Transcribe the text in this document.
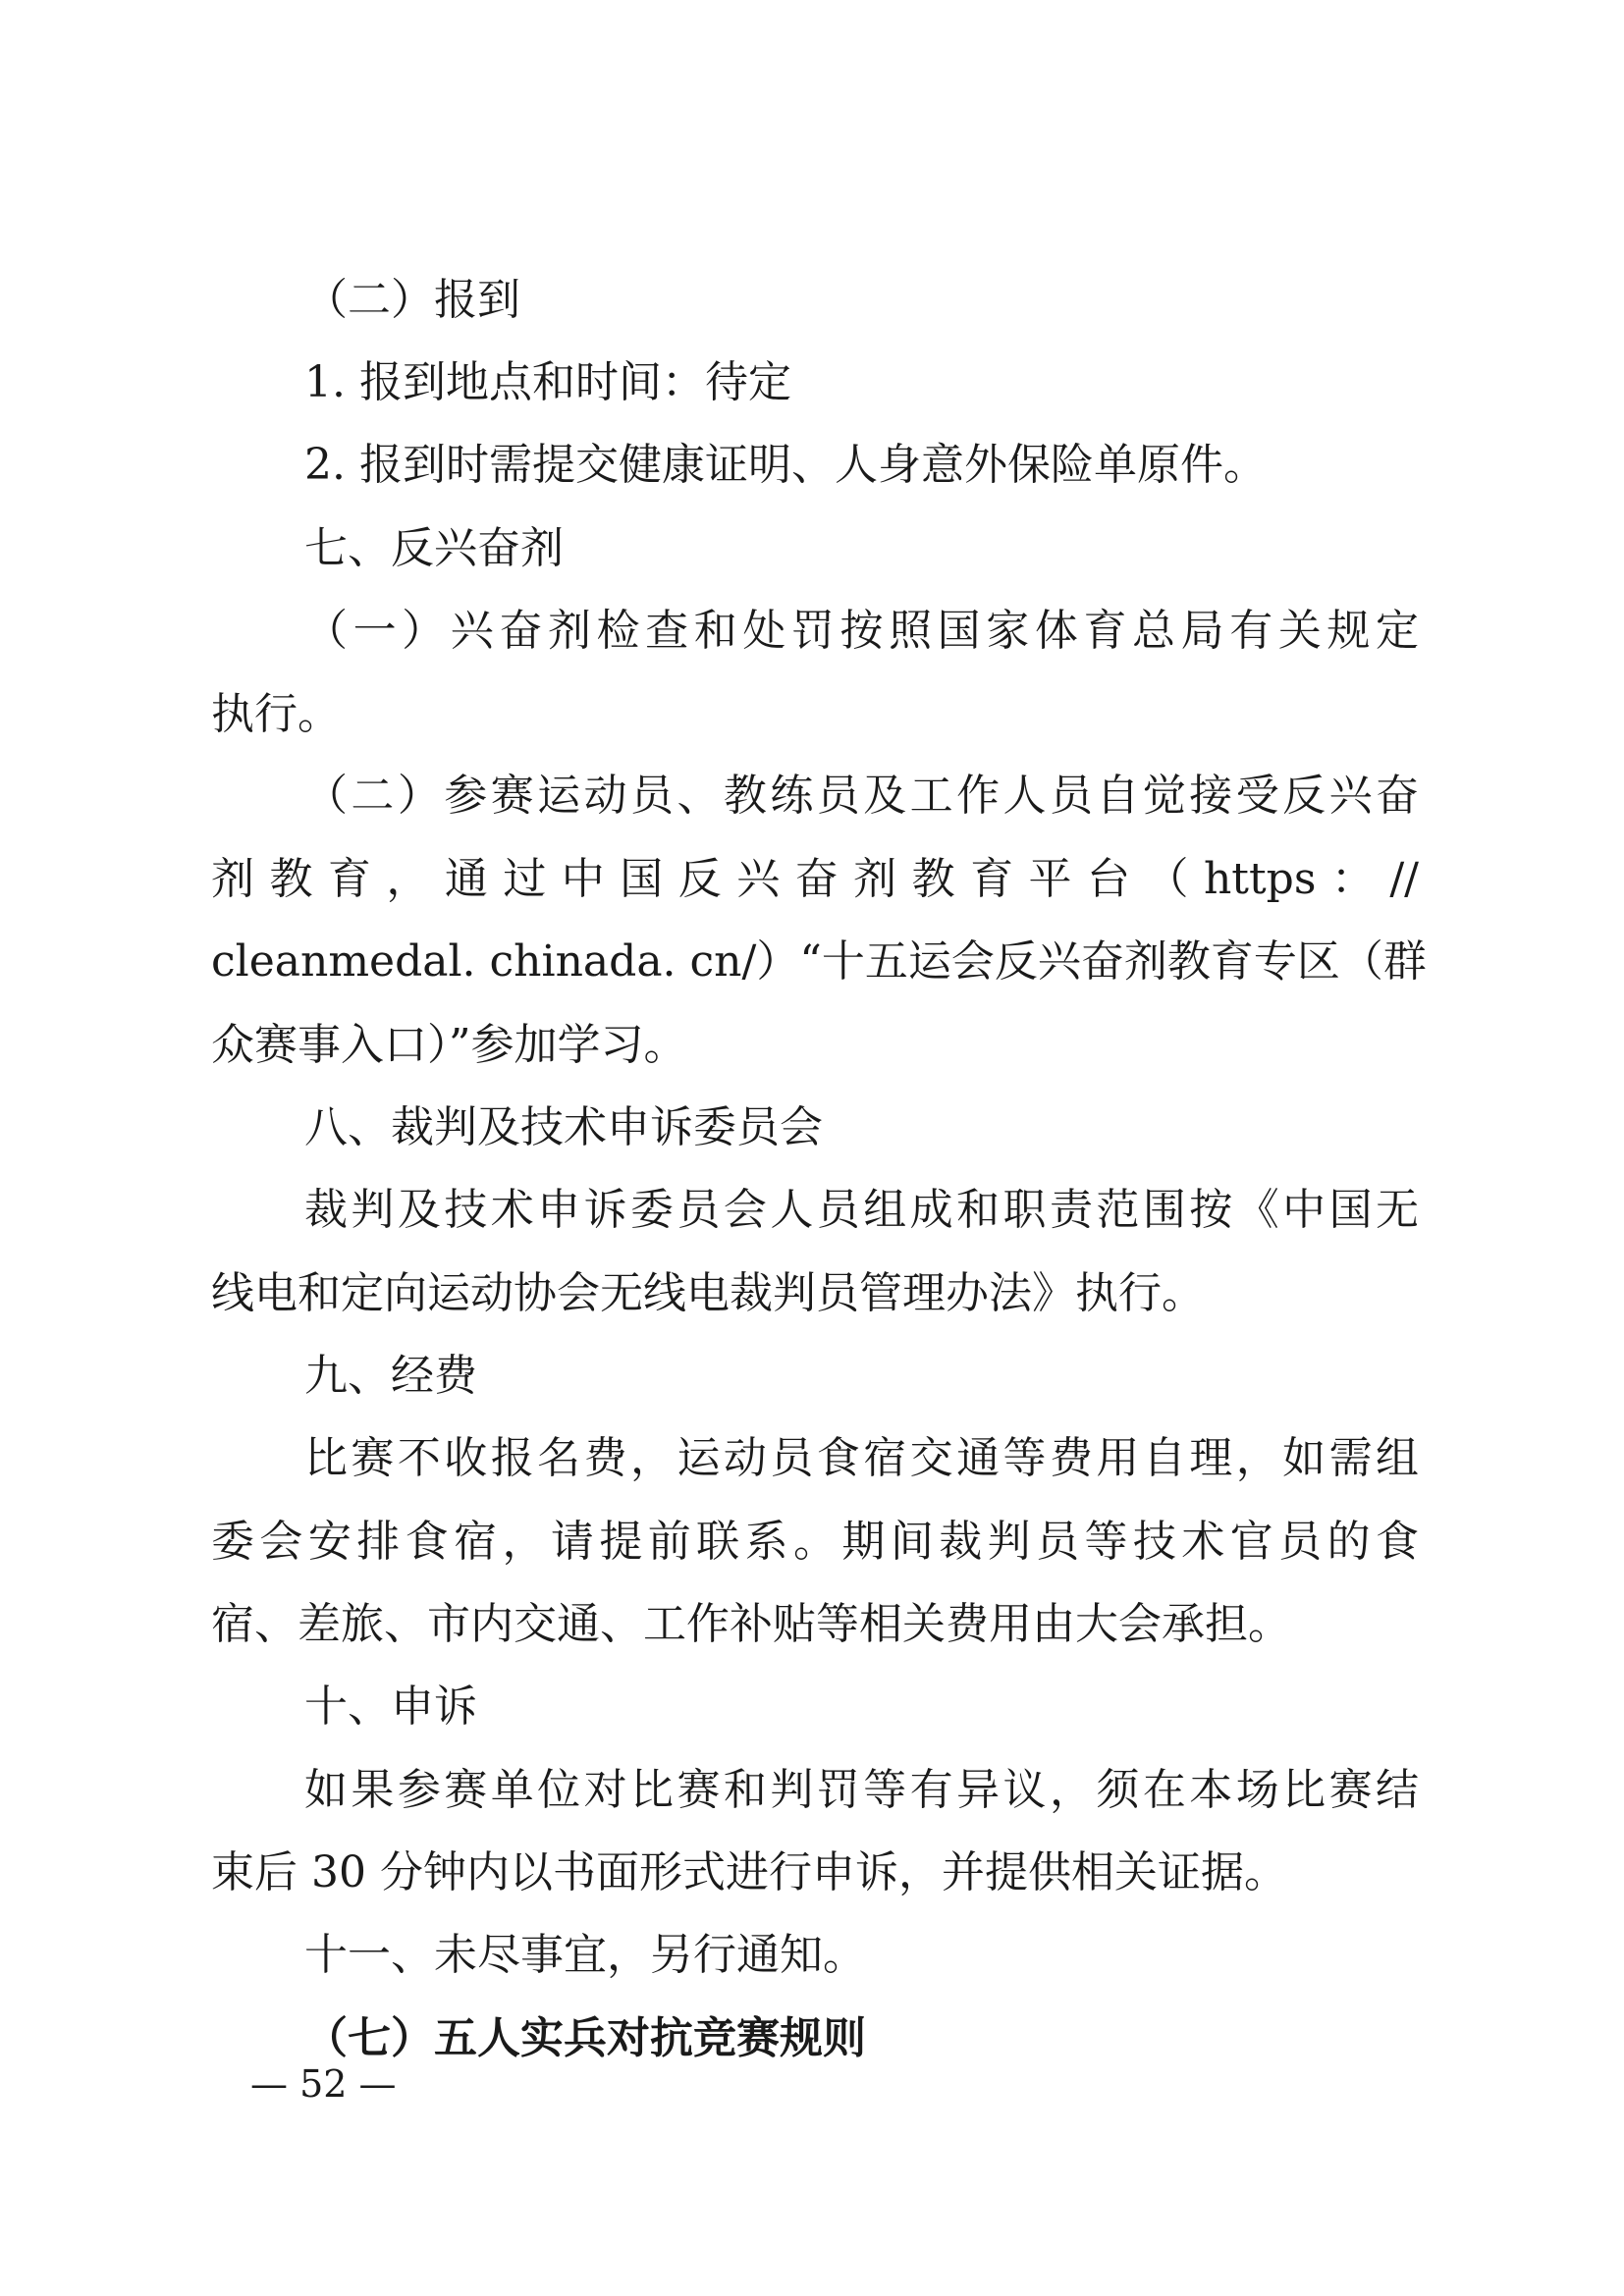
（二）报到
1. 报到地点和时间：待定
2. 报到时需提交健康证明、人身意外保险单原件。
七、反兴奋剂
（一）兴奋剂检查和处罚按照国家体育总局有关规定
执行。
（二）参赛运动员、教练员及工作人员自觉接受反兴奋
剂教育，通过中国反兴奋剂教育平台（https：//
cleanmedal. chinada. cn/）“十五运会反兴奋剂教育专区（群
众赛事入口）”参加学习。
八、裁判及技术申诉委员会
裁判及技术申诉委员会人员组成和职责范围按《中国无
线电和定向运动协会无线电裁判员管理办法》执行。
九、经费
比赛不收报名费，运动员食宿交通等费用自理，如需组
委会安排食宿，请提前联系。期间裁判员等技术官员的食
宿、差旅、市内交通、工作补贴等相关费用由大会承担。
十、申诉
如果参赛单位对比赛和判罚等有异议，须在本场比赛结
束后 30 分钟内以书面形式进行申诉，并提供相关证据。
十一、未尽事宜，另行通知。
（七）五人实兵对抗竞赛规则
— 52 —
